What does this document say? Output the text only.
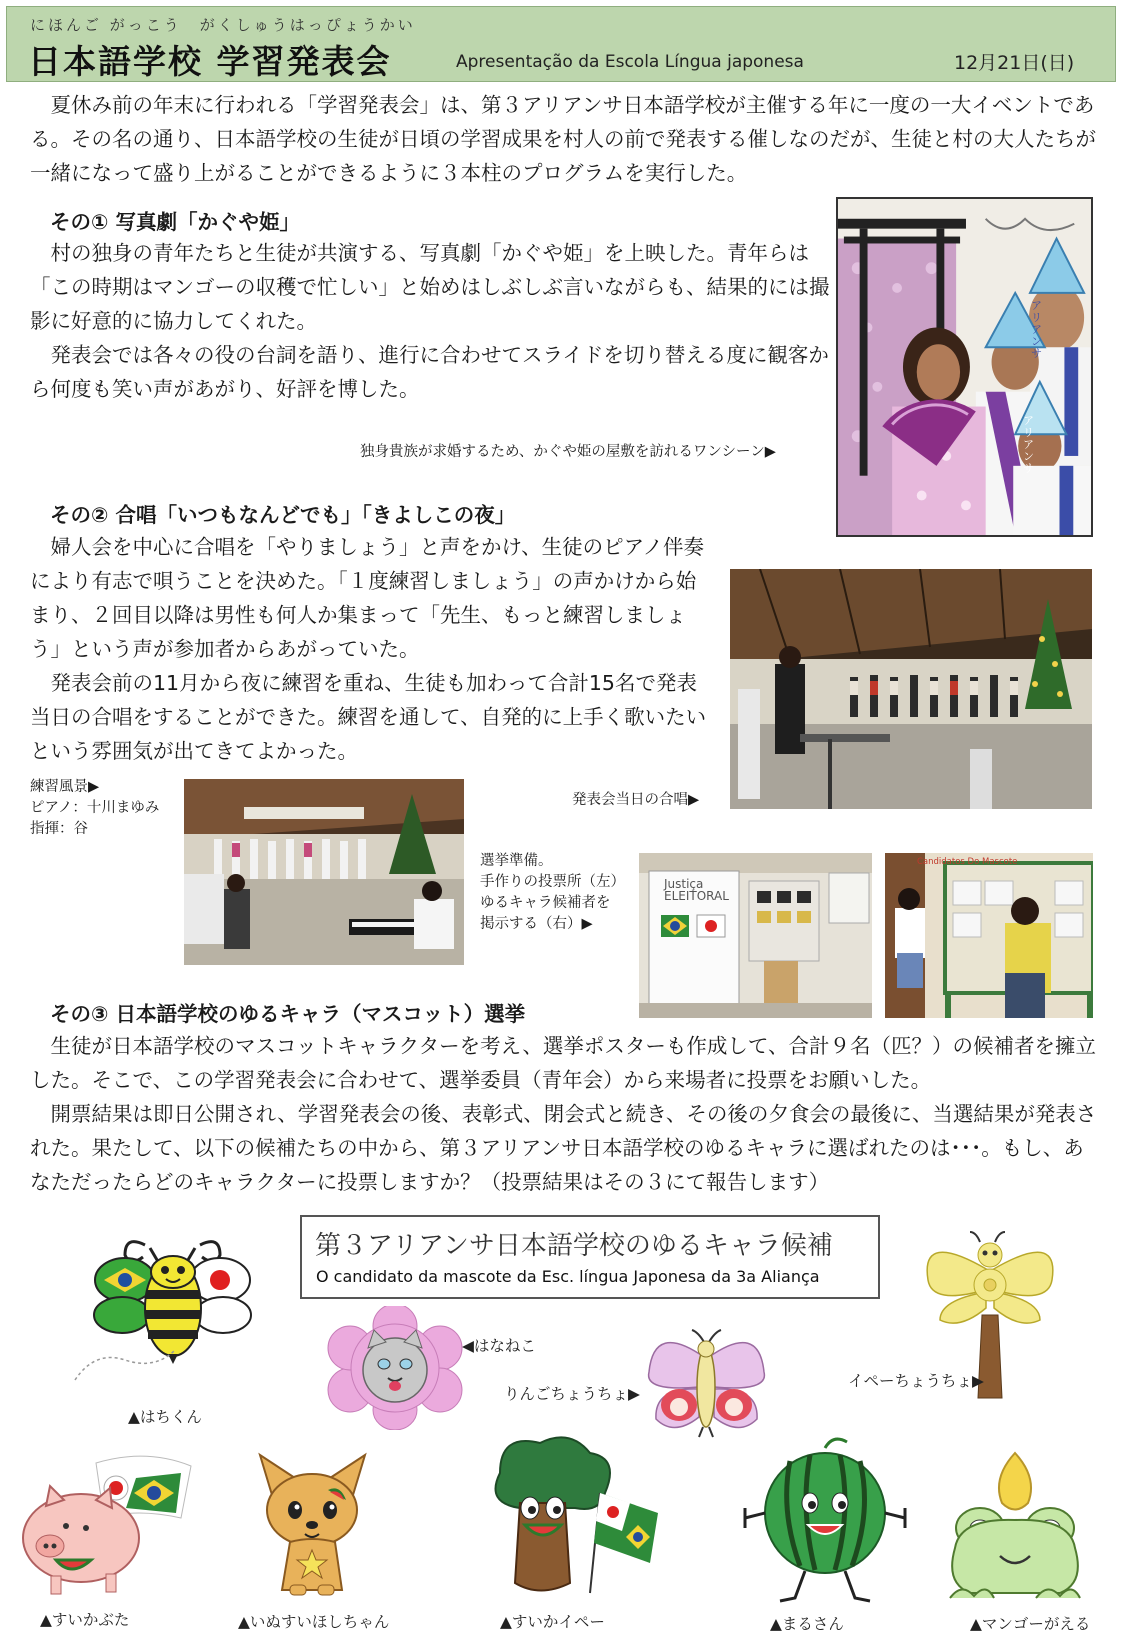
にほんご がっこう　がくしゅうはっぴょうかい
日本語学校 学習発表会	Apresentação da Escola Língua japonesa	12月21日(日)

夏休み前の年末に行われる「学習発表会」は、第３アリアンサ日本語学校が主催する年に一度の一大イベントである。その名の通り、日本語学校の生徒が日頃の学習成果を村人の前で発表する催しなのだが、生徒と村の大人たちが一緒になって盛り上がることができるように３本柱のプログラムを実行した。

その① 写真劇「かぐや姫」

村の独身の青年たちと生徒が共演する、写真劇「かぐや姫」を上映した。青年らは「この時期はマンゴーの収穫で忙しい」と始めはしぶしぶ言いながらも、結果的には撮影に好意的に協力してくれた。

発表会では各々の役の台詞を語り、進行に合わせてスライドを切り替える度に観客から何度も笑い声があがり、好評を博した。

独身貴族が求婚するため、かぐや姫の屋敷を訪れるワンシーン▶
アリアンサ
アリアンサ
その② 合唱「いつもなんどでも」「きよしこの夜」

婦人会を中心に合唱を「やりましょう」と声をかけ、生徒のピアノ伴奏により有志で唄うことを決めた。「１度練習しましょう」の声かけから始まり、２回目以降は男性も何人か集まって「先生、もっと練習しましょう」という声が参加者からあがっていた。

発表会前の11月から夜に練習を重ね、生徒も加わって合計15名で発表当日の合唱をすることができた。練習を通して、自発的に上手く歌いたいという雰囲気が出てきてよかった。

発表会当日の合唱▶
練習風景▶
ピアノ：十川まゆみ
指揮：谷
選挙準備。
手作りの投票所（左）
ゆるキャラ候補者を
掲示する（右）▶
Justiça
ELEITORAL
Candidatos Do Mascote
その③ 日本語学校のゆるキャラ（マスコット）選挙

生徒が日本語学校のマスコットキャラクターを考え、選挙ポスターも作成して、合計９名（匹？）の候補者を擁立した。そこで、この学習発表会に合わせて、選挙委員（青年会）から来場者に投票をお願いした。

開票結果は即日公開され、学習発表会の後、表彰式、閉会式と続き、その後の夕食会の最後に、当選結果が発表された。果たして、以下の候補たちの中から、第３アリアンサ日本語学校のゆるキャラに選ばれたのは･･･。もし、あなただったらどのキャラクターに投票しますか？（投票結果はその３にて報告します）

第３アリアンサ日本語学校のゆるキャラ候補
O candidato da mascote da Esc. língua Japonesa da 3a Aliança
▲はちくん
◀はなねこ
りんごちょうちょ▶
イペーちょうちょ▶
▲すいかぶた	▲いぬすいほしちゃん	▲すいかイペー	▲まるさん	▲マンゴーがえる
